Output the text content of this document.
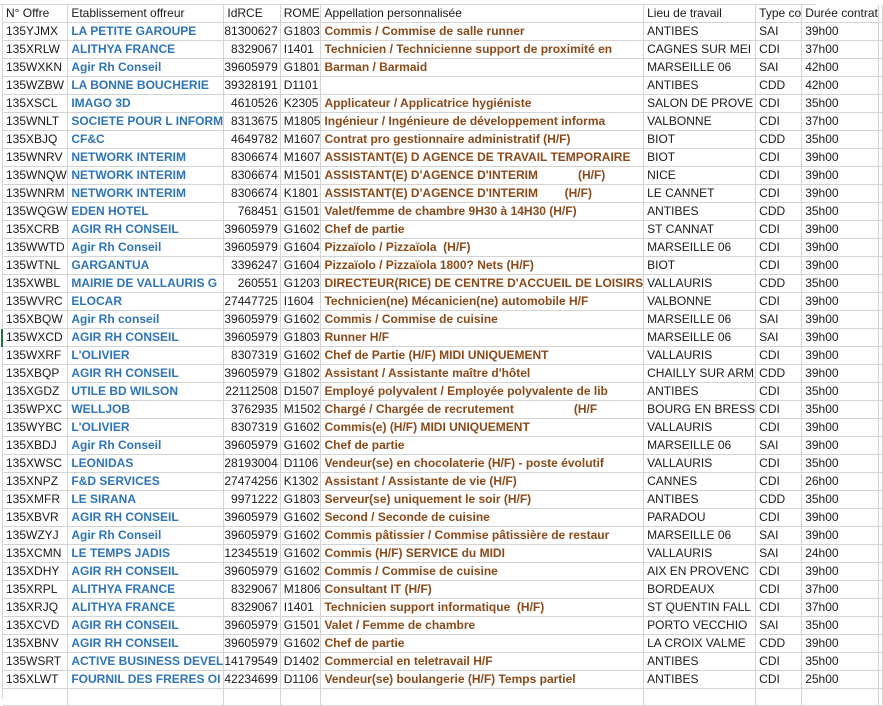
N° Offre	Etablissement offreur	IdRCE	ROME	Appellation personnalisée	Lieu de travail	Type co	Durée contrat	
135YJMX	LA PETITE GAROUPE	81300627	G1803	Commis / Commise de salle runner	ANTIBES	SAI	39h00	
135XRLW	ALITHYA FRANCE	8329067	I1401	Technicien / Technicienne support de proximité en	CAGNES SUR MEI	CDI	37h00	
135WXKN	Agir Rh Conseil	39605979	G1801	Barman / Barmaid	MARSEILLE 06	SAI	42h00	
135WZBW	LA BONNE BOUCHERIE	39328191	D1101		ANTIBES	CDD	42h00	
135XSCL	IMAGO 3D	4610526	K2305	Applicateur / Applicatrice hygiéniste	SALON DE PROVE	CDI	35h00	
135WNLT	SOCIETE POUR L INFORM	8313675	M1805	Ingénieur / Ingénieure de développement informa	VALBONNE	CDI	37h00	
135XBJQ	CF&C	4649782	M1607	Contrat pro gestionnaire administratif (H/F)	BIOT	CDD	35h00	
135WNRV	NETWORK INTERIM	8306674	M1607	ASSISTANT(E) D AGENCE DE TRAVAIL TEMPORAIRE	BIOT	CDI	39h00	
135WNQW	NETWORK INTERIM	8306674	M1501	ASSISTANT(E) D'AGENCE D'INTERIM            (H/F)	NICE	CDI	39h00	
135WNRM	NETWORK INTERIM	8306674	K1801	ASSISTANT(E) D'AGENCE D'INTERIM        (H/F)	LE CANNET	CDI	39h00	
135WQGW	EDEN HOTEL	768451	G1501	Valet/femme de chambre 9H30 à 14H30 (H/F)	ANTIBES	CDD	35h00	
135XCRB	AGIR RH CONSEIL	39605979	G1602	Chef de partie	ST CANNAT	CDI	39h00	
135WWTD	Agir Rh Conseil	39605979	G1604	Pizzaïolo / Pizzaïola  (H/F)	MARSEILLE 06	CDI	39h00	
135WTNL	GARGANTUA	3396247	G1604	Pizzaïolo / Pizzaïola 1800? Nets (H/F)	BIOT	CDI	39h00	
135XWBL	MAIRIE DE VALLAURIS G	260551	G1203	DIRECTEUR(RICE) DE CENTRE D'ACCUEIL DE LOISIRS	VALLAURIS	CDD	35h00	
135WVRC	ELOCAR	27447725	I1604	Technicien(ne) Mécanicien(ne) automobile H/F	VALBONNE	CDI	39h00	
135XBQW	Agir Rh conseil	39605979	G1602	Commis / Commise de cuisine	MARSEILLE 06	SAI	39h00	
135WXCD	AGIR RH CONSEIL	39605979	G1803	Runner H/F	MARSEILLE 06	SAI	39h00	
135WXRF	L'OLIVIER	8307319	G1602	Chef de Partie (H/F) MIDI UNIQUEMENT	VALLAURIS	CDI	39h00	
135XBQP	AGIR RH CONSEIL	39605979	G1802	Assistant / Assistante maître d'hôtel	CHAILLY SUR ARM	CDD	39h00	
135XGDZ	UTILE BD WILSON	22112508	D1507	Employé polyvalent / Employée polyvalente de lib	ANTIBES	CDI	35h00	
135WPXC	WELLJOB	3762935	M1502	Chargé / Chargée de recrutement                  (H/F	BOURG EN BRESS	CDI	35h00	
135WYBC	L'OLIVIER	8307319	G1602	Commis(e) (H/F) MIDI UNIQUEMENT	VALLAURIS	CDI	39h00	
135XBDJ	Agir Rh Conseil	39605979	G1602	Chef de partie	MARSEILLE 06	SAI	39h00	
135XWSC	LEONIDAS	28193004	D1106	Vendeur(se) en chocolaterie (H/F) - poste évolutif	VALLAURIS	CDI	35h00	
135XNPZ	F&D SERVICES	27474256	K1302	Assistant / Assistante de vie (H/F)	CANNES	CDI	26h00	
135XMFR	LE SIRANA	9971222	G1803	Serveur(se) uniquement le soir (H/F)	ANTIBES	CDD	35h00	
135XBVR	AGIR RH CONSEIL	39605979	G1602	Second / Seconde de cuisine	PARADOU	CDI	39h00	
135WZYJ	Agir Rh Conseil	39605979	G1602	Commis pâtissier / Commise pâtissière de restaur	MARSEILLE 06	SAI	39h00	
135XCMN	LE TEMPS JADIS	12345519	G1602	Commis (H/F) SERVICE du MIDI	VALLAURIS	SAI	24h00	
135XDHY	AGIR RH CONSEIL	39605979	G1602	Commis / Commise de cuisine	AIX EN PROVENC	CDI	39h00	
135XRPL	ALITHYA FRANCE	8329067	M1806	Consultant IT (H/F)	BORDEAUX	CDI	37h00	
135XRJQ	ALITHYA FRANCE	8329067	I1401	Technicien support informatique  (H/F)	ST QUENTIN FALL	CDI	37h00	
135XCVD	AGIR RH CONSEIL	39605979	G1501	Valet / Femme de chambre	PORTO VECCHIO	SAI	35h00	
135XBNV	AGIR RH CONSEIL	39605979	G1602	Chef de partie	LA CROIX VALME	CDD	39h00	
135WSRT	ACTIVE BUSINESS DEVEL	14179549	D1402	Commercial en teletravail H/F	ANTIBES	CDI	35h00	
135XLWT	FOURNIL DES FRERES OI	42234699	D1106	Vendeur(se) boulangerie (H/F) Temps partiel	ANTIBES	CDI	25h00	
